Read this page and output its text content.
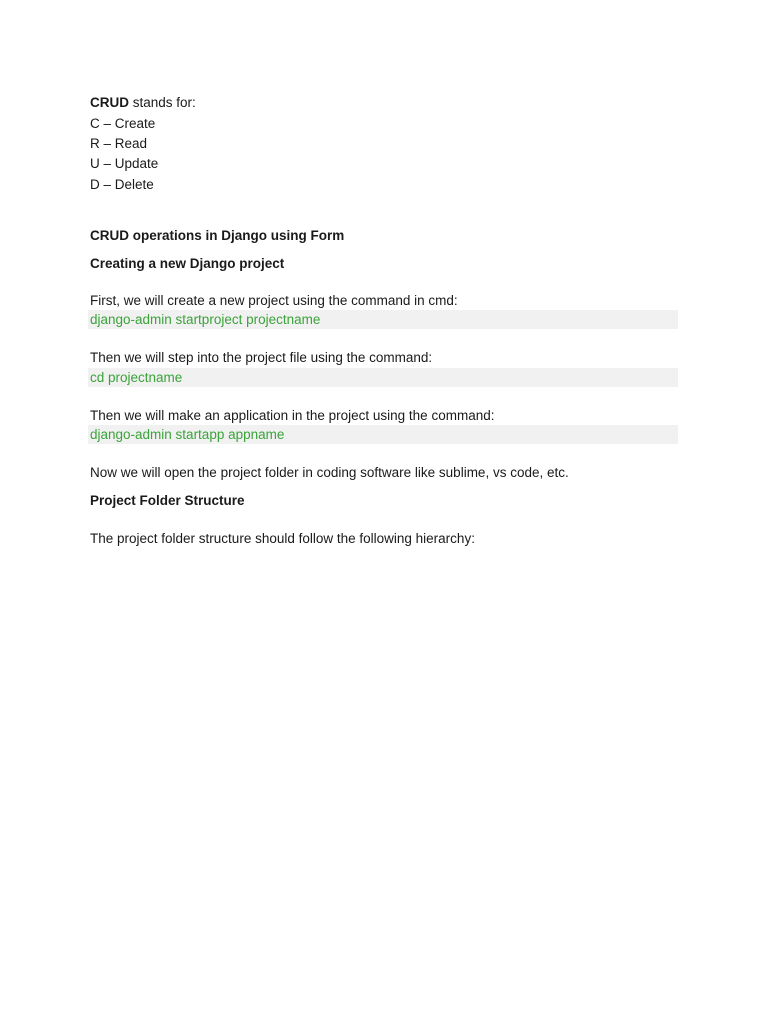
CRUD stands for:
C – Create
R – Read
U – Update
D – Delete
CRUD operations in Django using Form
Creating a new Django project
First, we will create a new project using the command in cmd:
django-admin startproject projectname
Then we will step into the project file using the command:
cd projectname
Then we will make an application in the project using the command:
django-admin startapp appname
Now we will open the project folder in coding software like sublime, vs code, etc.
Project Folder Structure
The project folder structure should follow the following hierarchy:
